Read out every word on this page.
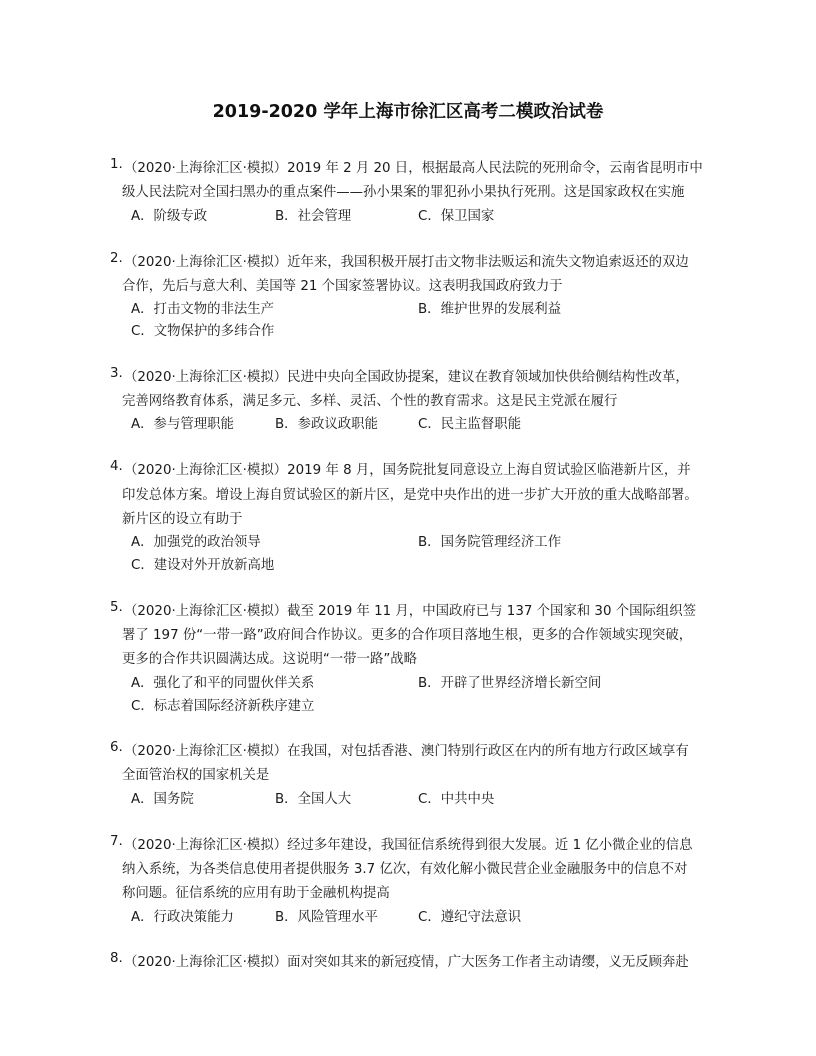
2019-2020 学年上海市徐汇区高考二模政治试卷
1. （2020·上海徐汇区·模拟）2019 年 2 月 20 日，根据最高人民法院的死刑命令，云南省昆明市中
级人民法院对全国扫黑办的重点案件——孙小果案的罪犯孙小果执行死刑。这是国家政权在实施
A．阶级专政	B．社会管理	C．保卫国家
2. （2020·上海徐汇区·模拟）近年来，我国积极开展打击文物非法贩运和流失文物追索返还的双边
合作，先后与意大利、美国等 21 个国家签署协议。这表明我国政府致力于
A．打击文物的非法生产	B．维护世界的发展利益
C．文物保护的多纬合作
3. （2020·上海徐汇区·模拟）民进中央向全国政协提案，建议在教育领域加快供给侧结构性改革，
完善网络教育体系，满足多元、多样、灵活、个性的教育需求。这是民主党派在履行
A．参与管理职能	B．参政议政职能	C．民主监督职能
4. （2020·上海徐汇区·模拟）2019 年 8 月，国务院批复同意设立上海自贸试验区临港新片区，并
印发总体方案。增设上海自贸试验区的新片区，是党中央作出的进一步扩大开放的重大战略部署。
新片区的设立有助于
A．加强党的政治领导	B．国务院管理经济工作
C．建设对外开放新高地
5. （2020·上海徐汇区·模拟）截至 2019 年 11 月，中国政府已与 137 个国家和 30 个国际组织签
署了 197 份“一带一路”政府间合作协议。更多的合作项目落地生根，更多的合作领域实现突破，
更多的合作共识圆满达成。这说明“一带一路”战略
A．强化了和平的同盟伙伴关系	B．开辟了世界经济增长新空间
C．标志着国际经济新秩序建立
6. （2020·上海徐汇区·模拟）在我国，对包括香港、澳门特别行政区在内的所有地方行政区域享有
全面管治权的国家机关是
A．国务院	B．全国人大	C．中共中央
7. （2020·上海徐汇区·模拟）经过多年建设，我国征信系统得到很大发展。近 1 亿小微企业的信息
纳入系统，为各类信息使用者提供服务 3.7 亿次，有效化解小微民营企业金融服务中的信息不对
称问题。征信系统的应用有助于金融机构提高
A．行政决策能力	B．风险管理水平	C．遵纪守法意识
8. （2020·上海徐汇区·模拟）面对突如其来的新冠疫情，广大医务工作者主动请缨，义无反顾奔赴
